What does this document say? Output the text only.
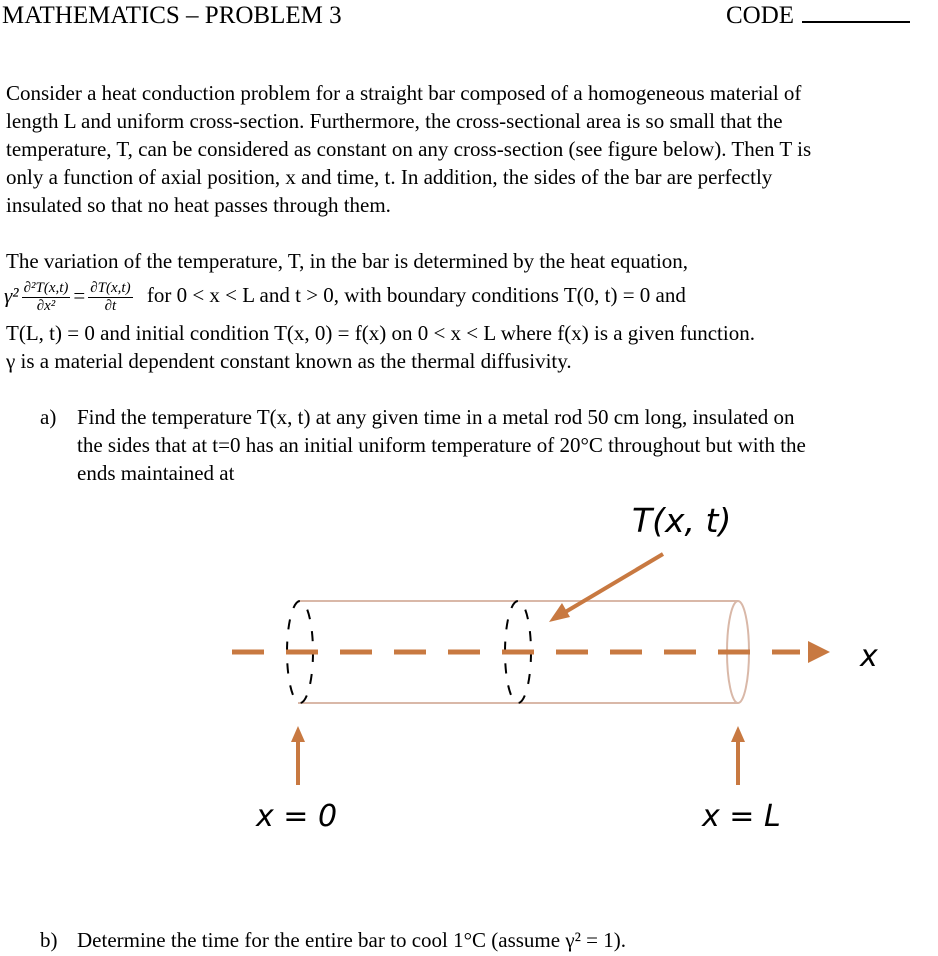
MATHEMATICS – PROBLEM 3	CODE
Consider a heat conduction problem for a straight bar composed of a homogeneous material of
length L and uniform cross-section. Furthermore, the cross-sectional area is so small that the
temperature, T, can be considered as constant on any cross-section (see figure below). Then T is
only a function of axial position, x and time, t. In addition, the sides of the bar are perfectly
insulated so that no heat passes through them.
The variation of the temperature, T, in the bar is determined by the heat equation,
$\gamma^2 \frac{\text{∂²T(x,t)}}{\text{∂x²}} = \frac{\partial T(x,t)}{\partial t}$ for 0 < x < L and t > 0, with boundary conditions T(0, t) = 0 and
T(L, t) = 0 and initial condition T(x, 0) = f(x) on 0 < x < L where f(x) is a given function.
γ is a material dependent constant known as the thermal diffusivity.
a) Find the temperature T(x, t) at any given time in a metal rod 50 cm long, insulated on
the sides that at t=0 has an initial uniform temperature of 20°C throughout but with the
ends maintained at
T(x, t)
x
x = 0	x = L
b) Determine the time for the entire bar to cool 1°C (assume γ² = 1).
